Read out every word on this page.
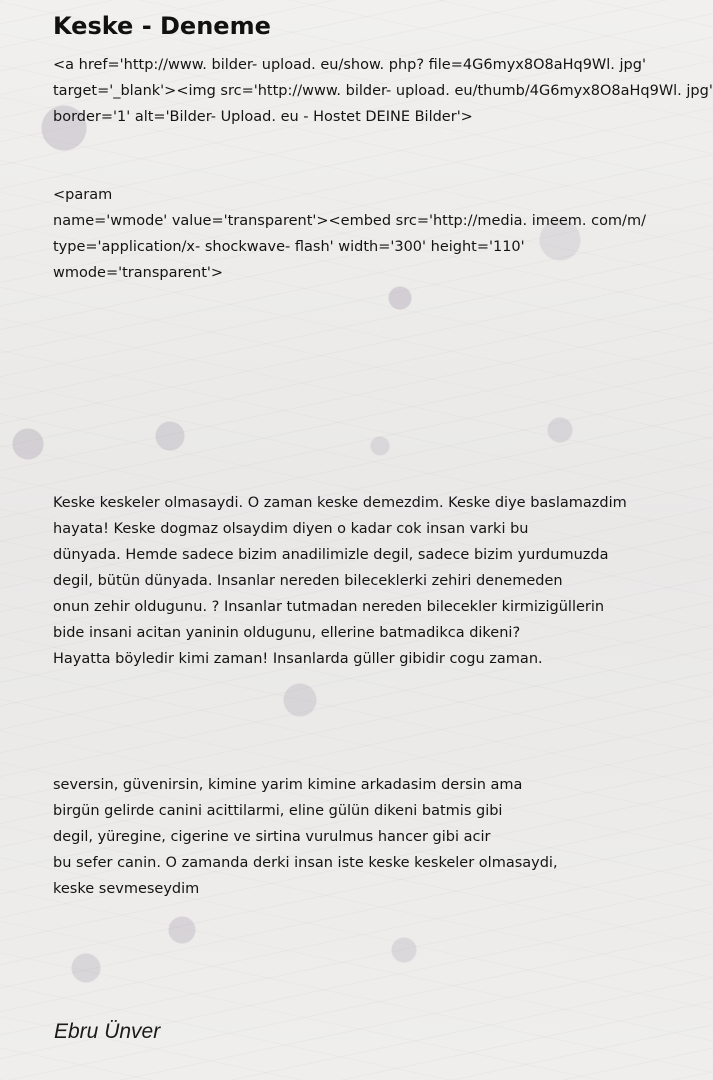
Keske - Deneme
<a href='http://www. bilder- upload. eu/show. php? file=4G6myx8O8aHq9Wl. jpg'
target='_blank'><img src='http://www. bilder- upload. eu/thumb/4G6myx8O8aHq9Wl. jpg'
border='1' alt='Bilder- Upload. eu - Hostet DEINE Bilder'>
<param
name='wmode' value='transparent'><embed src='http://media. imeem. com/m/
type='application/x- shockwave- flash' width='300' height='110'
wmode='transparent'>
Keske keskeler olmasaydi. O zaman keske demezdim. Keske diye baslamazdim
hayata! Keske dogmaz olsaydim diyen o kadar cok insan varki bu
dünyada. Hemde sadece bizim anadilimizle degil, sadece bizim yurdumuzda
degil, bütün dünyada. Insanlar nereden bileceklerki zehiri denemeden
onun zehir oldugunu. ? Insanlar tutmadan nereden bilecekler kirmizigüllerin
bide insani acitan yaninin oldugunu, ellerine batmadikca dikeni?
Hayatta böyledir kimi zaman! Insanlarda güller gibidir cogu zaman.
seversin, güvenirsin, kimine yarim kimine arkadasim dersin ama
birgün gelirde canini acittilarmi, eline gülün dikeni batmis gibi
degil, yüregine, cigerine ve sirtina vurulmus hancer gibi acir
bu sefer canin. O zamanda derki insan iste keske keskeler olmasaydi,
keske sevmeseydim

Ebru Ünver
